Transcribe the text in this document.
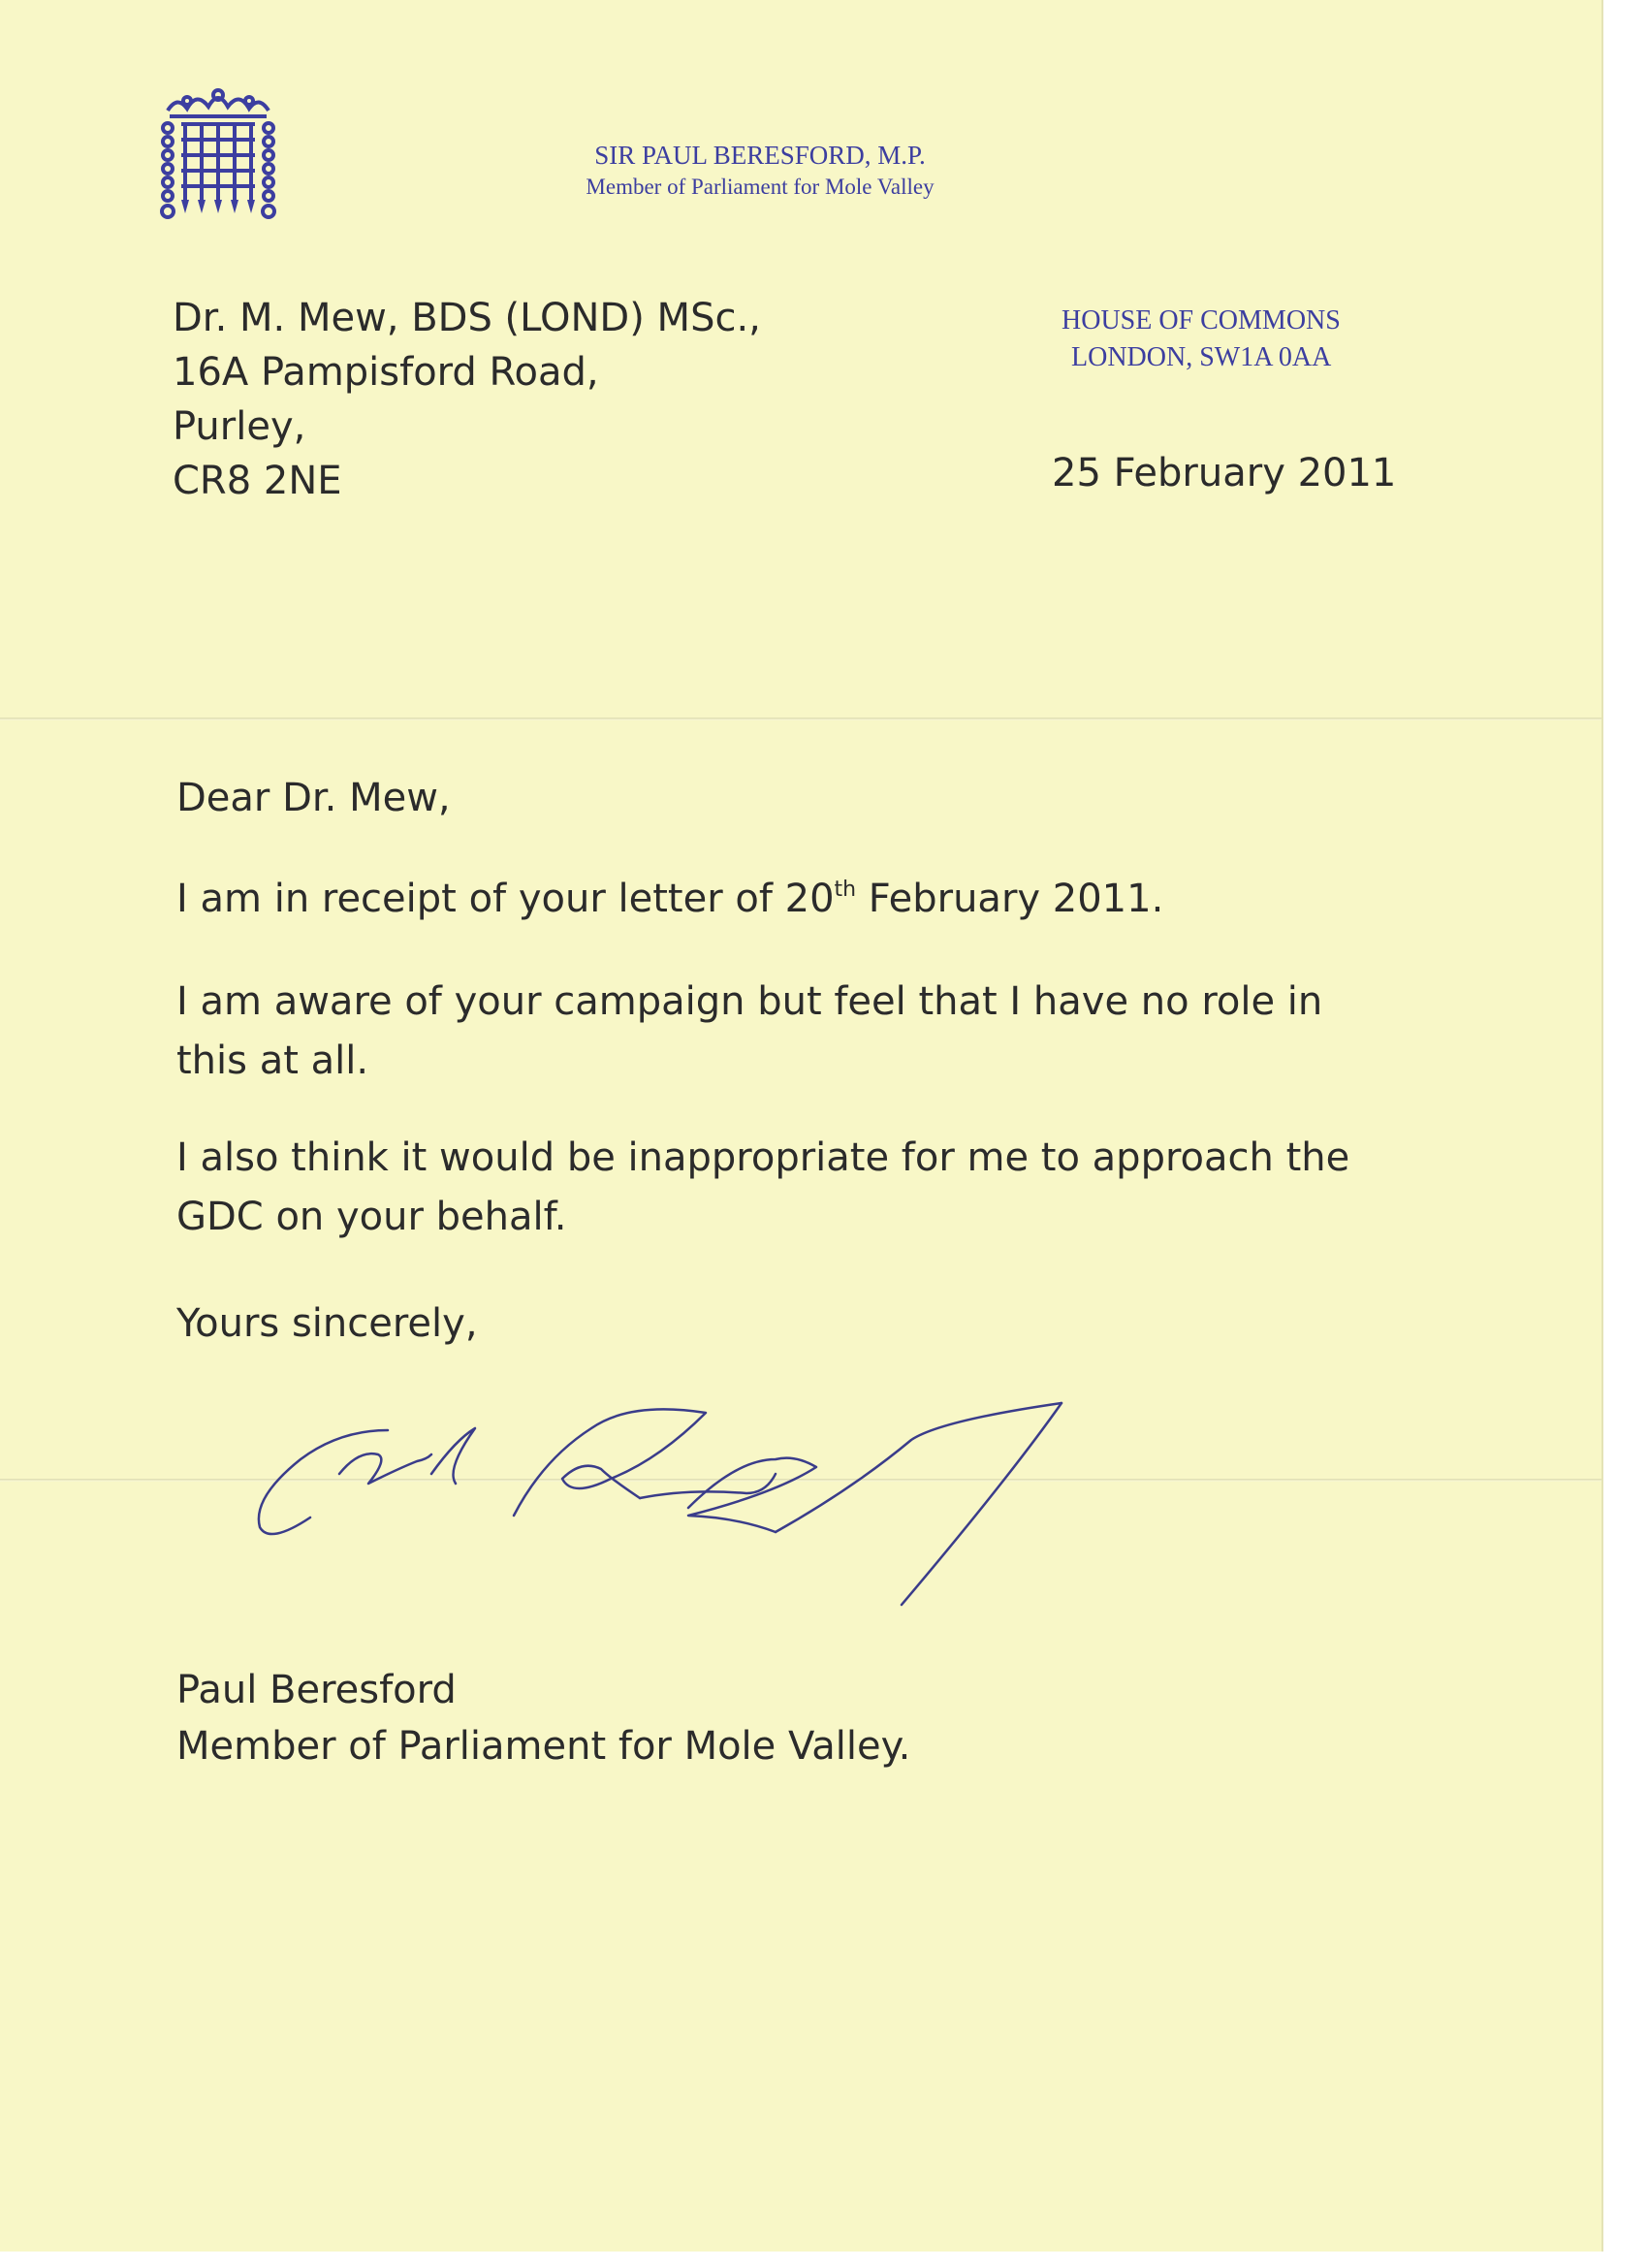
SIR PAUL BERESFORD, M.P.
Member of Parliament for Mole Valley
Dr. M. Mew, BDS (LOND) MSc.,
16A Pampisford Road,
Purley,
CR8 2NE
HOUSE OF COMMONS
LONDON, SW1A 0AA
25 February 2011
Dear Dr. Mew,
I am in receipt of your letter of 20th February 2011.
I am aware of your campaign but feel that I have no role in
this at all.
I also think it would be inappropriate for me to approach the
GDC on your behalf.
Yours sincerely,
Paul Beresford
Member of Parliament for Mole Valley.
